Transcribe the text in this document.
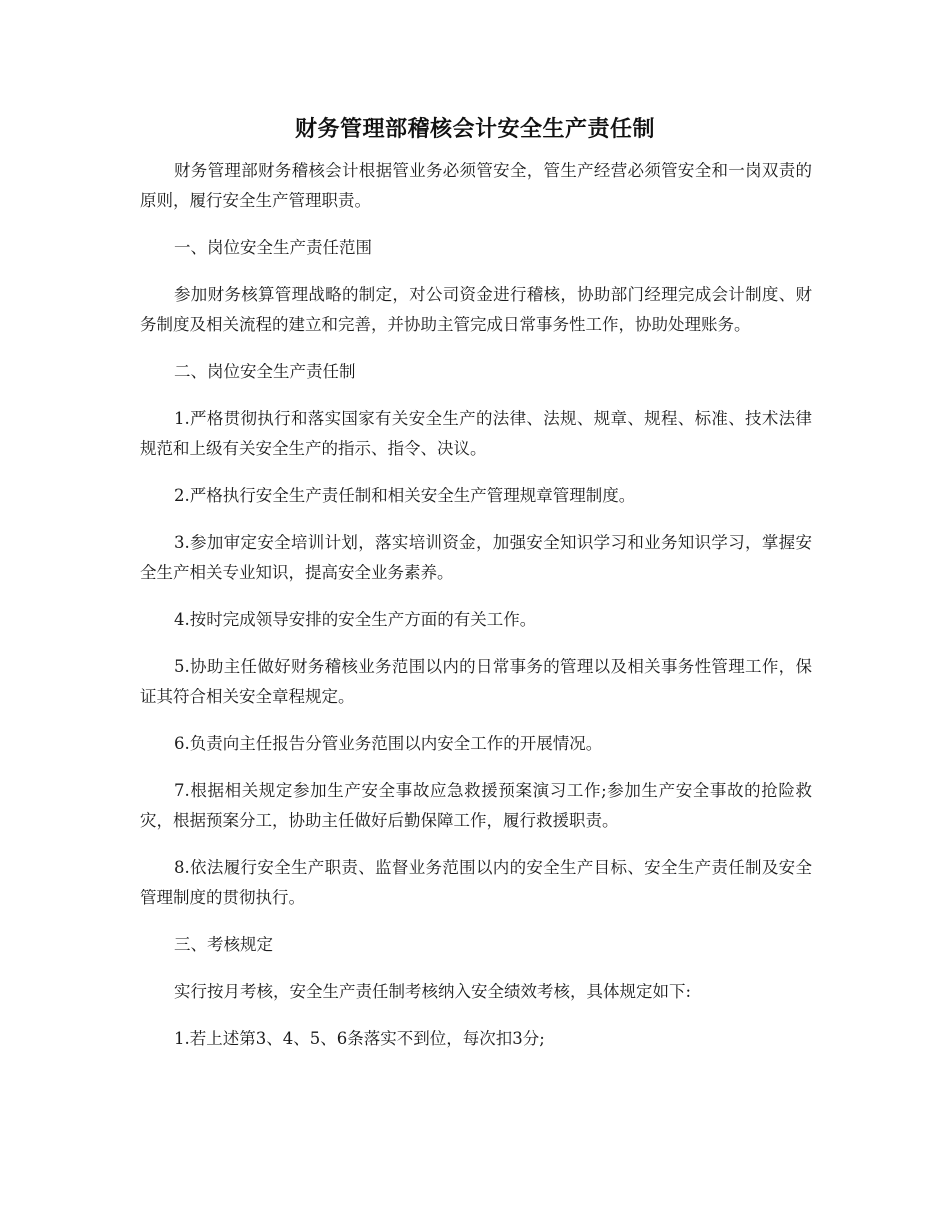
财务管理部稽核会计安全生产责任制

财务管理部财务稽核会计根据管业务必须管安全，管生产经营必须管安全和一岗双责的原则，履行安全生产管理职责。

一、岗位安全生产责任范围

参加财务核算管理战略的制定，对公司资金进行稽核，协助部门经理完成会计制度、财务制度及相关流程的建立和完善，并协助主管完成日常事务性工作，协助处理账务。

二、岗位安全生产责任制

1.严格贯彻执行和落实国家有关安全生产的法律、法规、规章、规程、标准、技术法律规范和上级有关安全生产的指示、指令、决议。

2.严格执行安全生产责任制和相关安全生产管理规章管理制度。

3.参加审定安全培训计划，落实培训资金，加强安全知识学习和业务知识学习，掌握安全生产相关专业知识，提高安全业务素养。

4.按时完成领导安排的安全生产方面的有关工作。

5.协助主任做好财务稽核业务范围以内的日常事务的管理以及相关事务性管理工作，保证其符合相关安全章程规定。

6.负责向主任报告分管业务范围以内安全工作的开展情况。

7.根据相关规定参加生产安全事故应急救援预案演习工作;参加生产安全事故的抢险救灾，根据预案分工，协助主任做好后勤保障工作，履行救援职责。

8.依法履行安全生产职责、监督业务范围以内的安全生产目标、安全生产责任制及安全管理制度的贯彻执行。

三、考核规定

实行按月考核，安全生产责任制考核纳入安全绩效考核，具体规定如下:

1.若上述第3、4、5、6条落实不到位，每次扣3分;
